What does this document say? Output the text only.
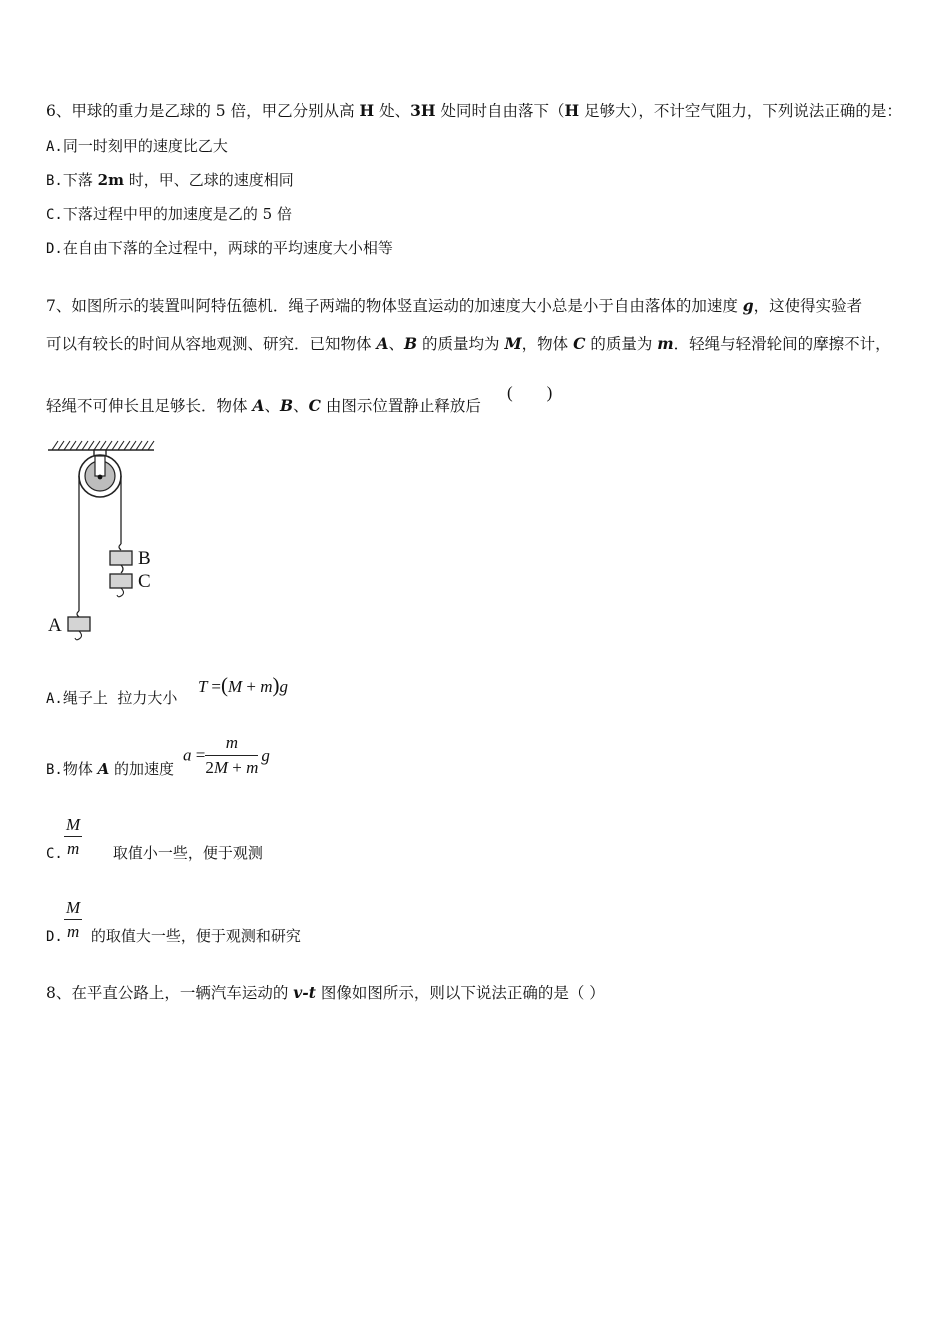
6、甲球的重力是乙球的 5 倍，甲乙分别从高 H 处、3H 处同时自由落下（H 足够大），不计空气阻力，下列说法正确的是：
A.同一时刻甲的速度比乙大
B.下落 2m 时，甲、乙球的速度相同
C.下落过程中甲的加速度是乙的 5 倍
D.在自由下落的全过程中，两球的平均速度大小相等
7、如图所示的装置叫阿特伍德机．绳子两端的物体竖直运动的加速度大小总是小于自由落体的加速度 g，这使得实验者
可以有较长的时间从容地观测、研究．已知物体 A、B 的质量均为 M，物体 C 的质量为 m．轻绳与轻滑轮间的摩擦不计，
轻绳不可伸长且足够长．物体 A、B、C 由图示位置静止释放后
(        )
B
C
A
A.绳子上  拉力大小
T =(M + m)g
B.物体 A 的加速度
$a = \frac{m}{2M + m}$ g
$\frac{M}{m}$
C.	取值小一些，便于观测
$\frac{M}{m}$
D. 的取值大一些，便于观测和研究
8、在平直公路上，一辆汽车运动的 v-t 图像如图所示，则以下说法正确的是（ ）
